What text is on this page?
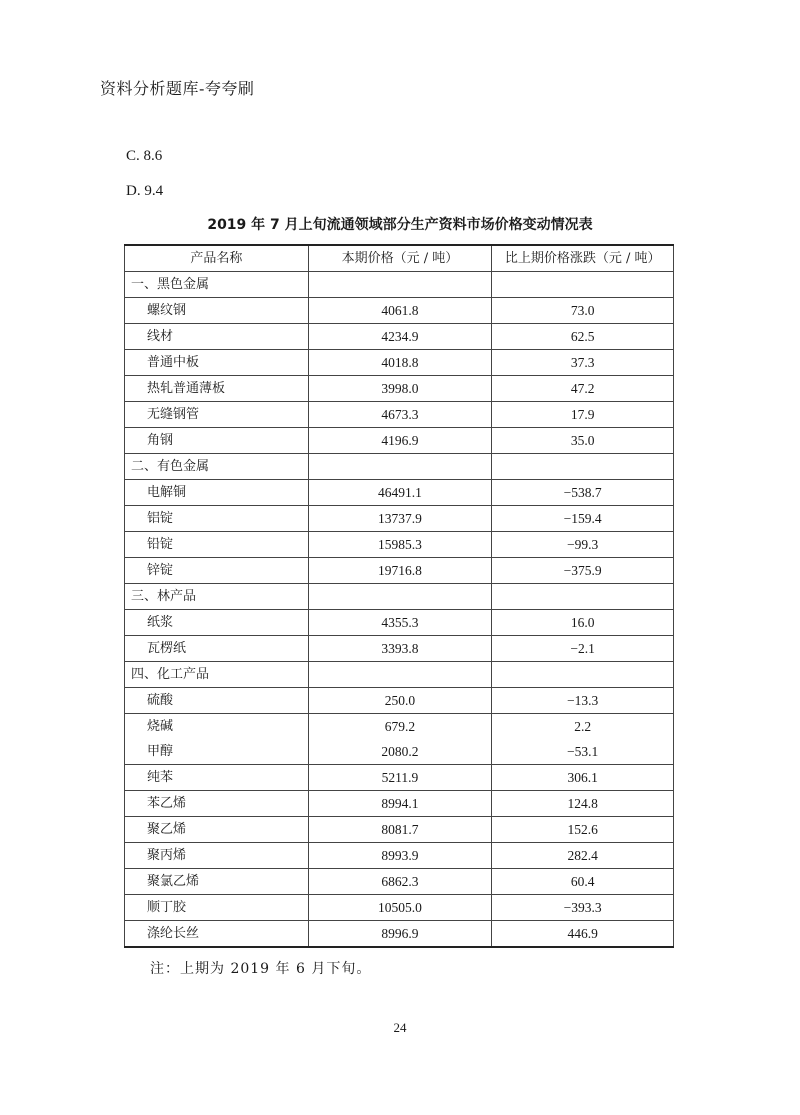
资料分析题库-夸夸刷
C. 8.6
D. 9.4
2019 年 7 月上旬流通领域部分生产资料市场价格变动情况表
产品名称	本期价格（元 / 吨）	比上期价格涨跌（元 / 吨）
一、黑色金属		
螺纹钢	4061.8	73.0
线材	4234.9	62.5
普通中板	4018.8	37.3
热轧普通薄板	3998.0	47.2
无缝钢管	4673.3	17.9
角钢	4196.9	35.0
二、有色金属		
电解铜	46491.1	−538.7
铝锭	13737.9	−159.4
铅锭	15985.3	−99.3
锌锭	19716.8	−375.9
三、林产品		
纸浆	4355.3	16.0
瓦楞纸	3393.8	−2.1
四、化工产品		
硫酸	250.0	−13.3
烧碱	679.2	2.2
甲醇	2080.2	−53.1
纯苯	5211.9	306.1
苯乙烯	8994.1	124.8
聚乙烯	8081.7	152.6
聚丙烯	8993.9	282.4
聚氯乙烯	6862.3	60.4
顺丁胶	10505.0	−393.3
涤纶长丝	8996.9	446.9
注：上期为 2019 年 6 月下旬。
24
